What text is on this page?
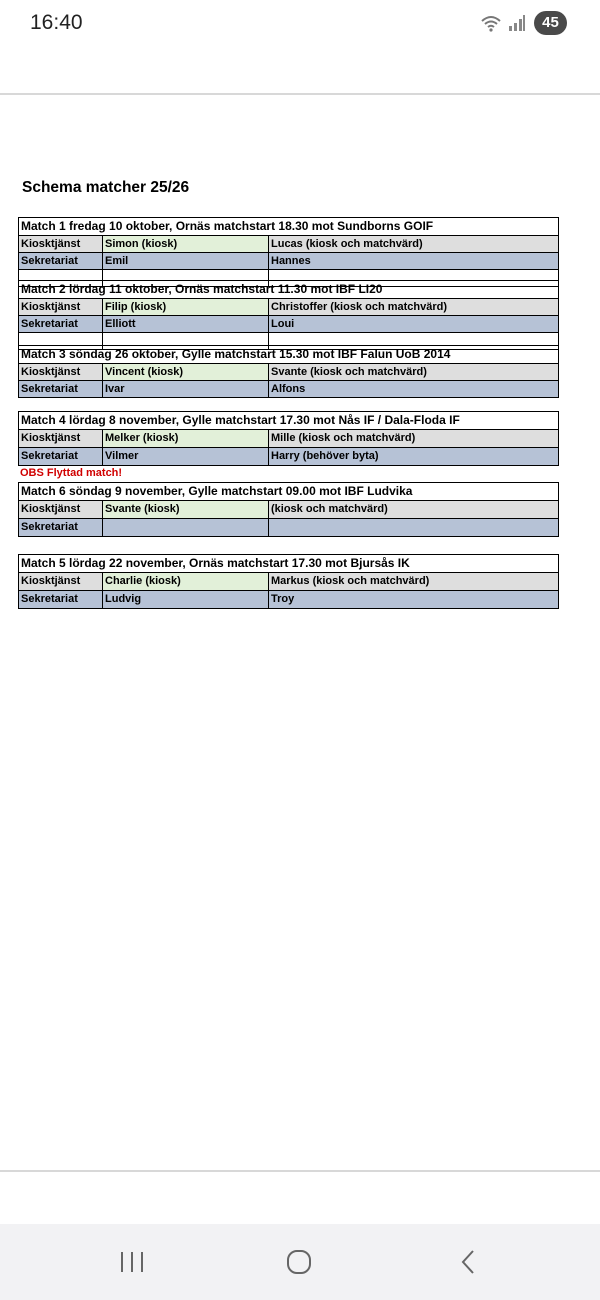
16:40	45
Schema matcher 25/26
Match 1 fredag 10 oktober, Ornäs matchstart 18.30 mot Sundborns GOIF
Kiosktjänst	Simon (kiosk)	Lucas (kiosk och matchvärd)
Sekretariat	Emil	Hannes
Match 2 lördag 11 oktober, Ornäs matchstart 11.30 mot IBF LI20
Kiosktjänst	Filip (kiosk)	Christoffer (kiosk och matchvärd)
Sekretariat	Elliott	Loui
Match 3 söndag 26 oktober, Gylle matchstart 15.30 mot IBF Falun UoB 2014
Kiosktjänst	Vincent (kiosk)	Svante (kiosk och matchvärd)
Sekretariat	Ivar	Alfons
Match 4 lördag 8 november, Gylle matchstart 17.30 mot Nås IF / Dala-Floda IF
Kiosktjänst	Melker (kiosk)	Mille (kiosk och matchvärd)
Sekretariat	Vilmer	Harry (behöver byta)
OBS Flyttad match!
Match 6 söndag 9 november, Gylle matchstart 09.00 mot IBF Ludvika
Kiosktjänst	Svante (kiosk)	(kiosk och matchvärd)
Sekretariat
Match 5 lördag 22 november, Ornäs matchstart 17.30 mot Bjursås IK
Kiosktjänst	Charlie (kiosk)	Markus (kiosk och matchvärd)
Sekretariat	Ludvig	Troy
